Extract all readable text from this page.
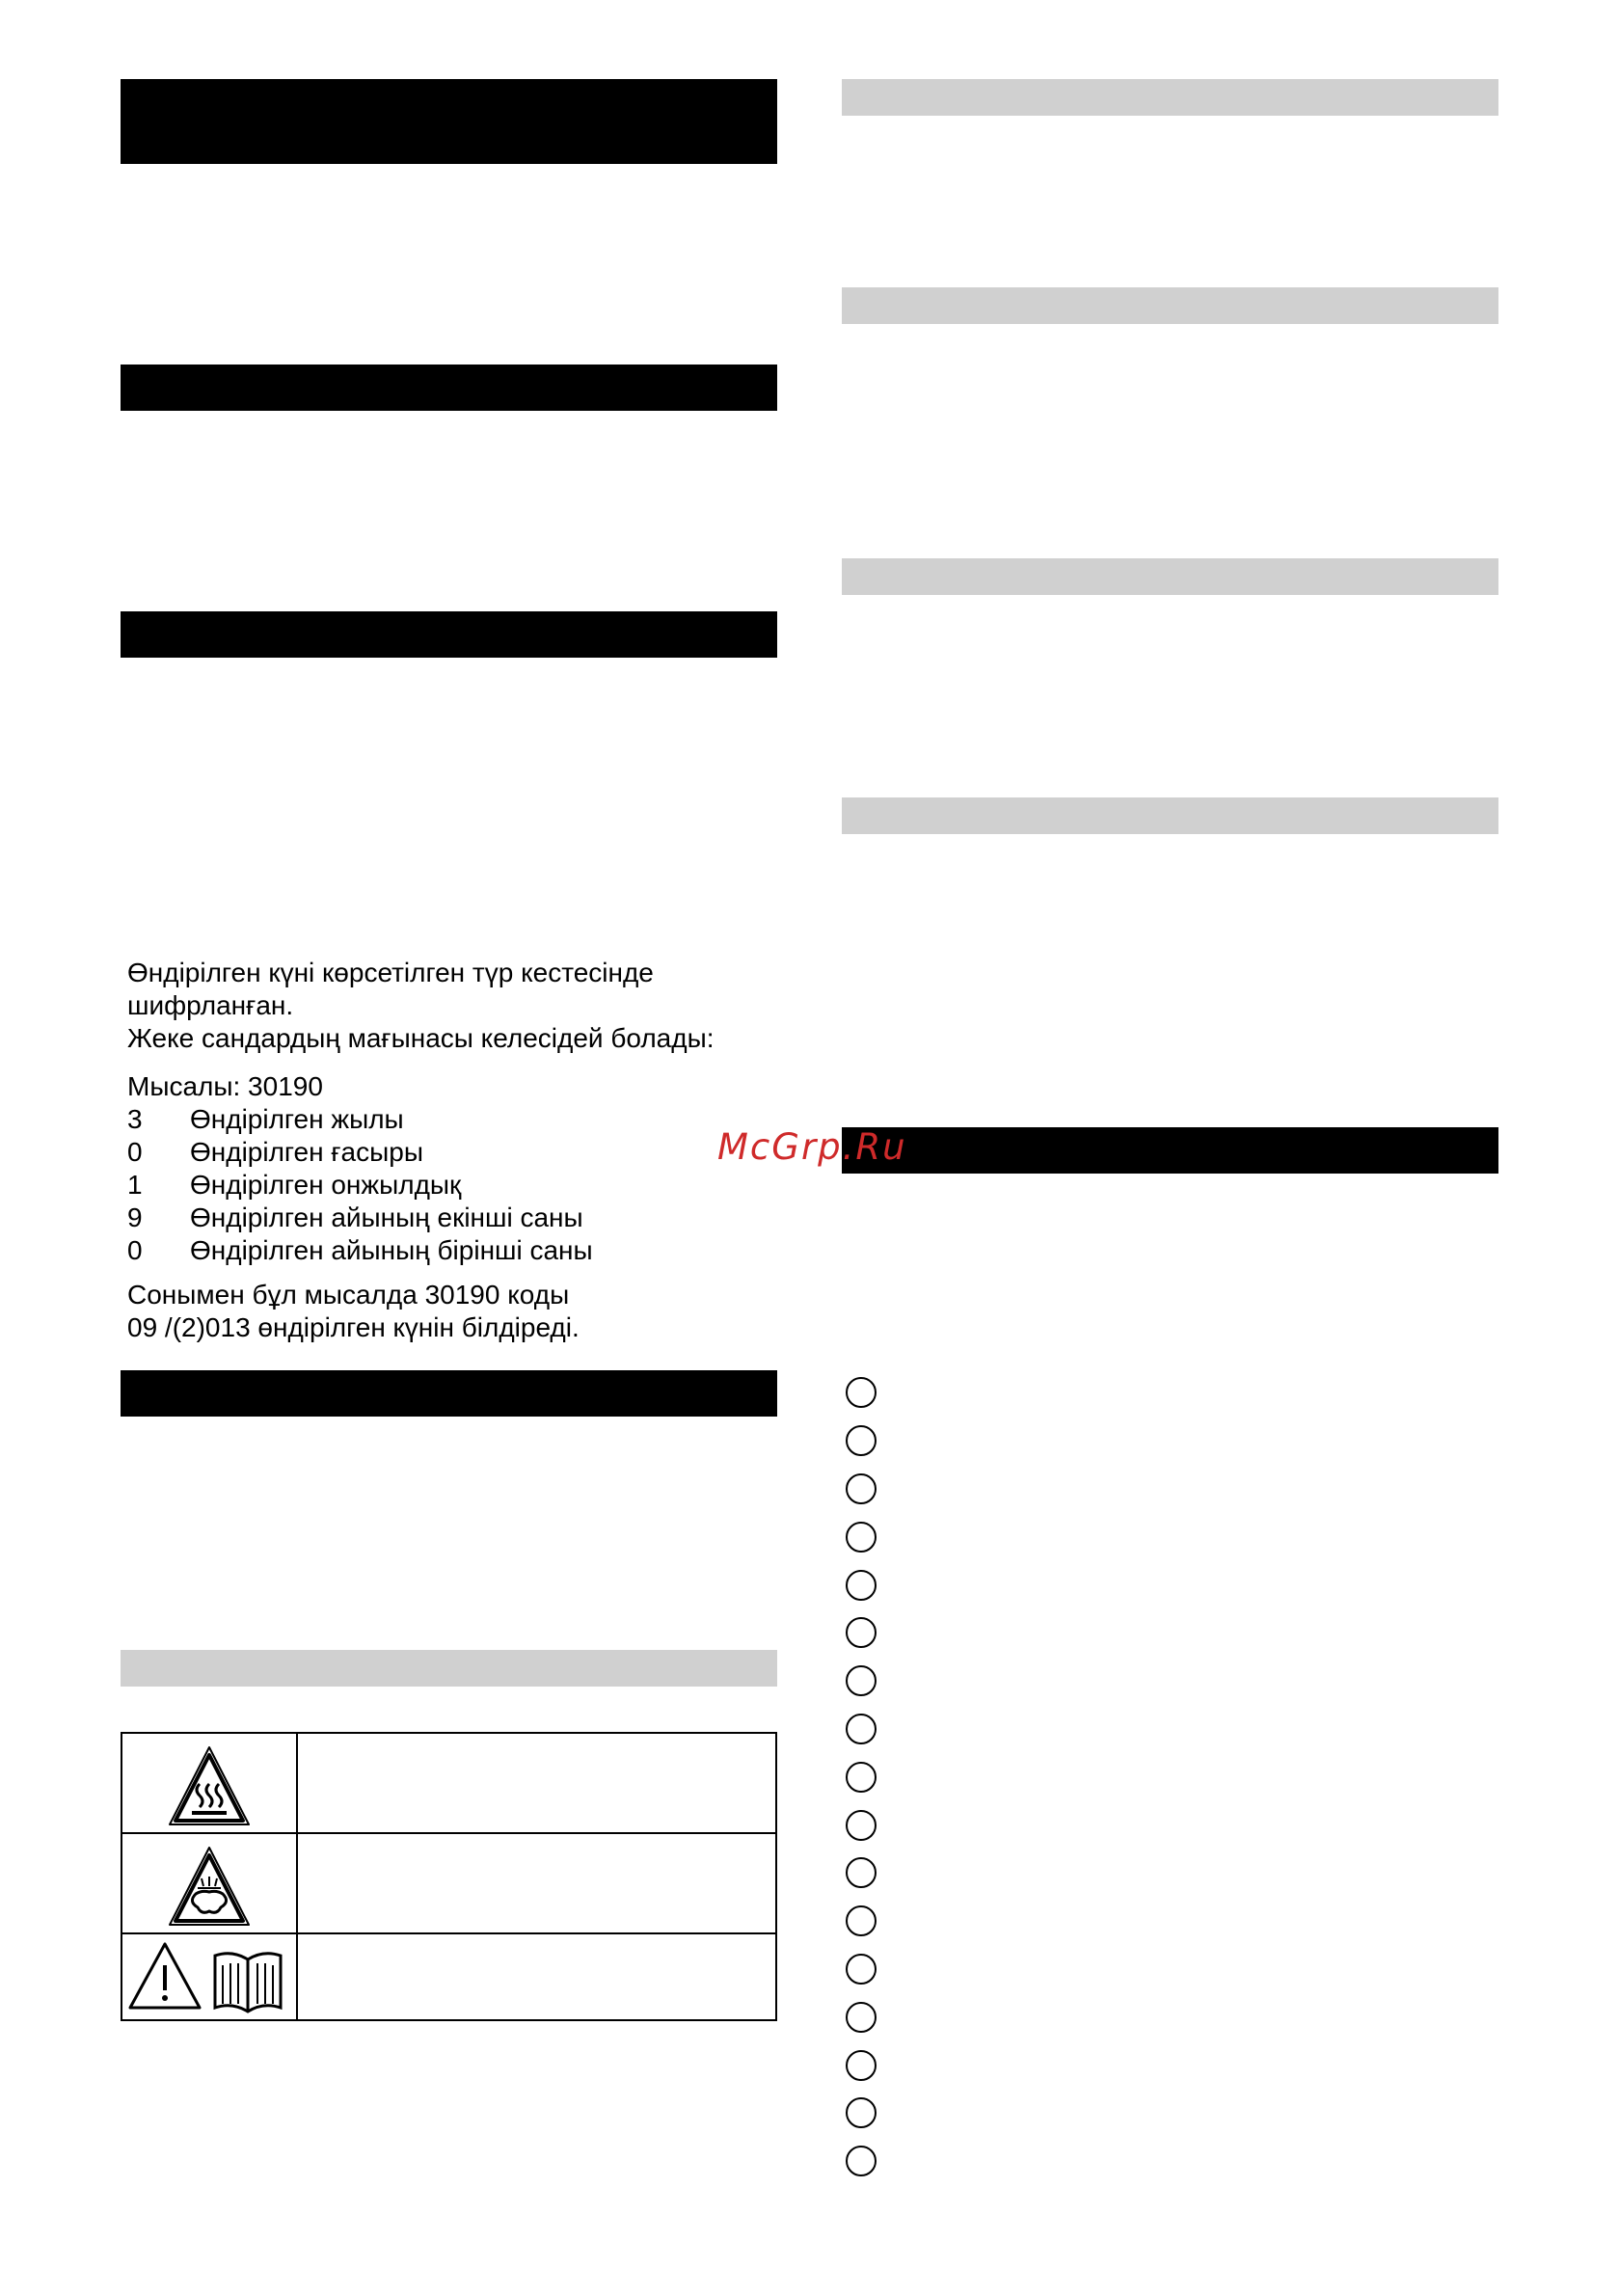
Өндірілген күні көрсетілген түр кестесінде
шифрланған.
Жеке сандардың мағынасы келесідей болады:
Мысалы: 30190
3 Өндірілген жылы
0 Өндірілген ғасыры
1 Өндірілген онжылдық
9 Өндірілген айының екінші саны
0 Өндірілген айының бірінші саны
Сонымен бұл мысалда 30190 коды
09 /(2)013 өндірілген күнін білдіреді.
McGrp.Ru
